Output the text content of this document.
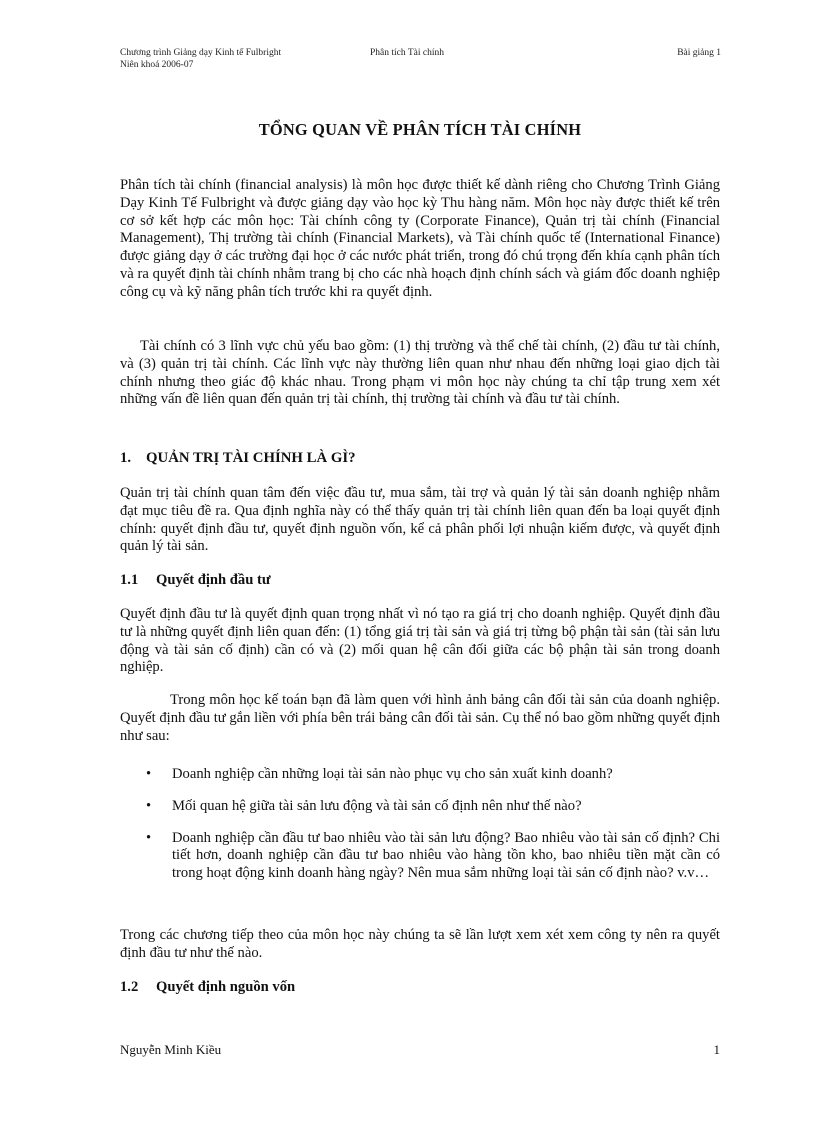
Chương trình Giảng dạy Kinh tế Fulbright
Niên khoá 2006-07
Phân tích Tài chính	Bài giảng 1
TỔNG QUAN VỀ PHÂN TÍCH TÀI CHÍNH

Phân tích tài chính (financial analysis) là môn học được thiết kế dành riêng cho Chương Trình Giảng Dạy Kinh Tế Fulbright và được giảng dạy vào học kỳ Thu hàng năm. Môn học này được thiết kế trên cơ sở kết hợp các môn học: Tài chính công ty (Corporate Finance), Quản trị tài chính (Financial Management), Thị trường tài chính (Financial Markets), và Tài chính quốc tế (International Finance) được giảng dạy ở các trường đại học ở các nước phát triển, trong đó chú trọng đến khía cạnh phân tích và ra quyết định tài chính nhằm trang bị cho các nhà hoạch định chính sách và giám đốc doanh nghiệp công cụ và kỹ năng phân tích trước khi ra quyết định.

Tài chính có 3 lĩnh vực chủ yếu bao gồm: (1) thị trường và thể chế tài chính, (2) đầu tư tài chính, và (3) quản trị tài chính. Các lĩnh vực này thường liên quan như nhau đến những loại giao dịch tài chính nhưng theo giác độ khác nhau. Trong phạm vi môn học này chúng ta chỉ tập trung xem xét những vấn đề liên quan đến quản trị tài chính, thị trường tài chính và đầu tư tài chính.

1. QUẢN TRỊ TÀI CHÍNH LÀ GÌ?

Quản trị tài chính quan tâm đến việc đầu tư, mua sắm, tài trợ và quản lý tài sản doanh nghiệp nhằm đạt mục tiêu đề ra. Qua định nghĩa này có thể thấy quản trị tài chính liên quan đến ba loại quyết định chính: quyết định đầu tư, quyết định nguồn vốn, kể cả phân phối lợi nhuận kiếm được, và quyết định quản lý tài sản.

1.1 Quyết định đầu tư

Quyết định đầu tư là quyết định quan trọng nhất vì nó tạo ra giá trị cho doanh nghiệp. Quyết định đầu tư là những quyết định liên quan đến: (1) tổng giá trị tài sản và giá trị từng bộ phận tài sản (tài sản lưu động và tài sản cố định) cần có và (2) mối quan hệ cân đối giữa các bộ phận tài sản trong doanh nghiệp.

Trong môn học kế toán bạn đã làm quen với hình ảnh bảng cân đối tài sản của doanh nghiệp. Quyết định đầu tư gắn liền với phía bên trái bảng cân đối tài sản. Cụ thể nó bao gồm những quyết định như sau:

• Doanh nghiệp cần những loại tài sản nào phục vụ cho sản xuất kinh doanh?
• Mối quan hệ giữa tài sản lưu động và tài sản cố định nên như thế nào?
• Doanh nghiệp cần đầu tư bao nhiêu vào tài sản lưu động? Bao nhiêu vào tài sản cố định? Chi tiết hơn, doanh nghiệp cần đầu tư bao nhiêu vào hàng tồn kho, bao nhiêu tiền mặt cần có trong hoạt động kinh doanh hàng ngày? Nên mua sắm những loại tài sản cố định nào? v.v…

Trong các chương tiếp theo của môn học này chúng ta sẽ lần lượt xem xét xem công ty nên ra quyết định đầu tư như thế nào.

1.2 Quyết định nguồn vốn
Nguyễn Minh Kiều	1
